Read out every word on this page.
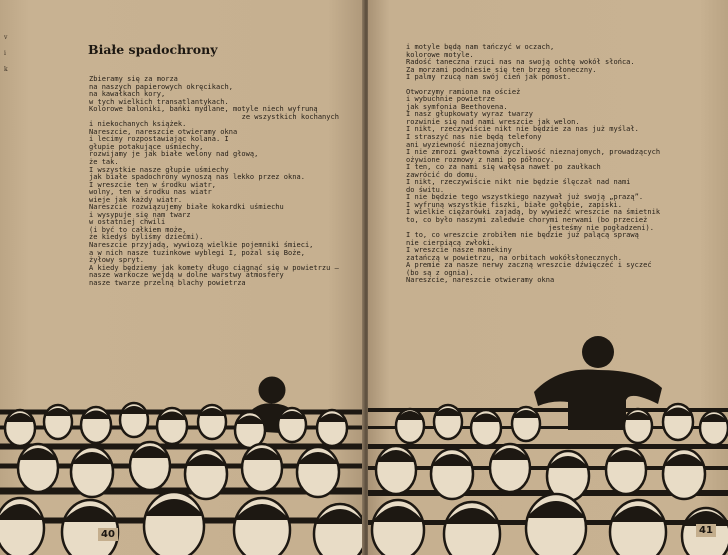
v
i
k
Białe spadochrony
Zbieramy się za morza
na naszych papierowych okręcikach,
na kawałkach kory,
w tych wielkich transatlantykach.
Kolorowe baloniki, bańki mydlane, motyle niech wyfruną
ze wszystkich kochanych
i niekochanych książek.
Nareszcie, nareszcie otwieramy okna
i lecimy rozpostawiając kolana. I
głupie potakujące uśmiechy,
rozwijamy je jak białe welony nad głową,
że tak.
I wszystkie nasze głupie uśmiechy
jak białe spadochrony wynoszą nas lekko przez okna.
I wreszcie ten w środku wiatr,
wolny, ten w środku nas wiatr
wieje jak każdy wiatr.
Nareszcie rozwiązujemy białe kokardki uśmiechu
i wysypuje się nam twarz
w ostatniej chwili
(i być to całkiem może,
że kiedyś byliśmy dziećmi).
Nareszcie przyjadą, wywiozą wielkie pojemniki śmieci,
a w nich nasze tuzinkowe wyblegi I, pożal się Boże,
żyłowy spryt.
A kiedy będziemy jak komety długo ciągnąć się w powietrzu —
nasze warkocze wejdą w dolne warstwy atmosfery
nasze twarze przelną blachy powietrza
40
i motyle będą nam tańczyć w oczach,
kolorowe motyle.
Radość taneczna rzuci nas na swoją ochtę wokół słońca.
Za morzami podniesie się ten brzeg słoneczny.
I palmy rzucą nam swój cień jak pomost.
Otworzymy ramiona na oścież
i wybuchnie powietrze
jak symfonia Beethovena.
I nasz głupkowaty wyraz twarzy
rozwinie się nad nami wreszcie jak welon.
I nikt, rzeczywiście nikt nie będzie za nas już myślał.
I straszyć nas nie będą telefony
ani wyziewność nieznajomych.
I nie zmrozi gwałtowna życzliwość nieznajomych, prowadzących
ożywione rozmowy z nami po północy.
I ten, co za nami się wałęsa nawet po zaułkach
zawrócić do domu.
I nikt, rzeczywiście nikt nie będzie ślęczał nad nami
do świtu.
I nie będzie tego wszystkiego nazywał już swoją „prazą”.
I wyfruną wszystkie fiszki, białe gołębie, zapiski.
I wielkie ciężarówki zajadą, by wywieźć wreszcie na śmietnik
to, co było naszymi zaledwie chorymi nerwami (bo przecież
jesteśmy nie pogładzeni).
I to, co wreszcie zrobiłem nie będzie już palącą sprawą
nie cierpiącą zwłoki.
I wreszcie nasze manekiny
zatańczą w powietrzu, na orbitach wokółsłonecznych.
A premie za nasze nerwy zaczną wreszcie dźwięczeć i syczeć
(bo są z ognia).
Nareszcie, nareszcie otwieramy okna
41
